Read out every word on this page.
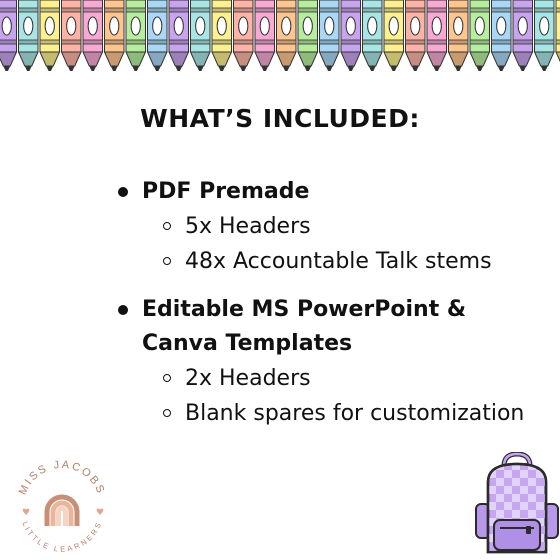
WHAT’S INCLUDED:
PDF Premade
5x Headers
48x Accountable Talk stems
Editable MS PowerPoint & Canva Templates
2x Headers
Blank spares for customization
MISS JACOBS
LITTLE LEARNERS
♥	♥
